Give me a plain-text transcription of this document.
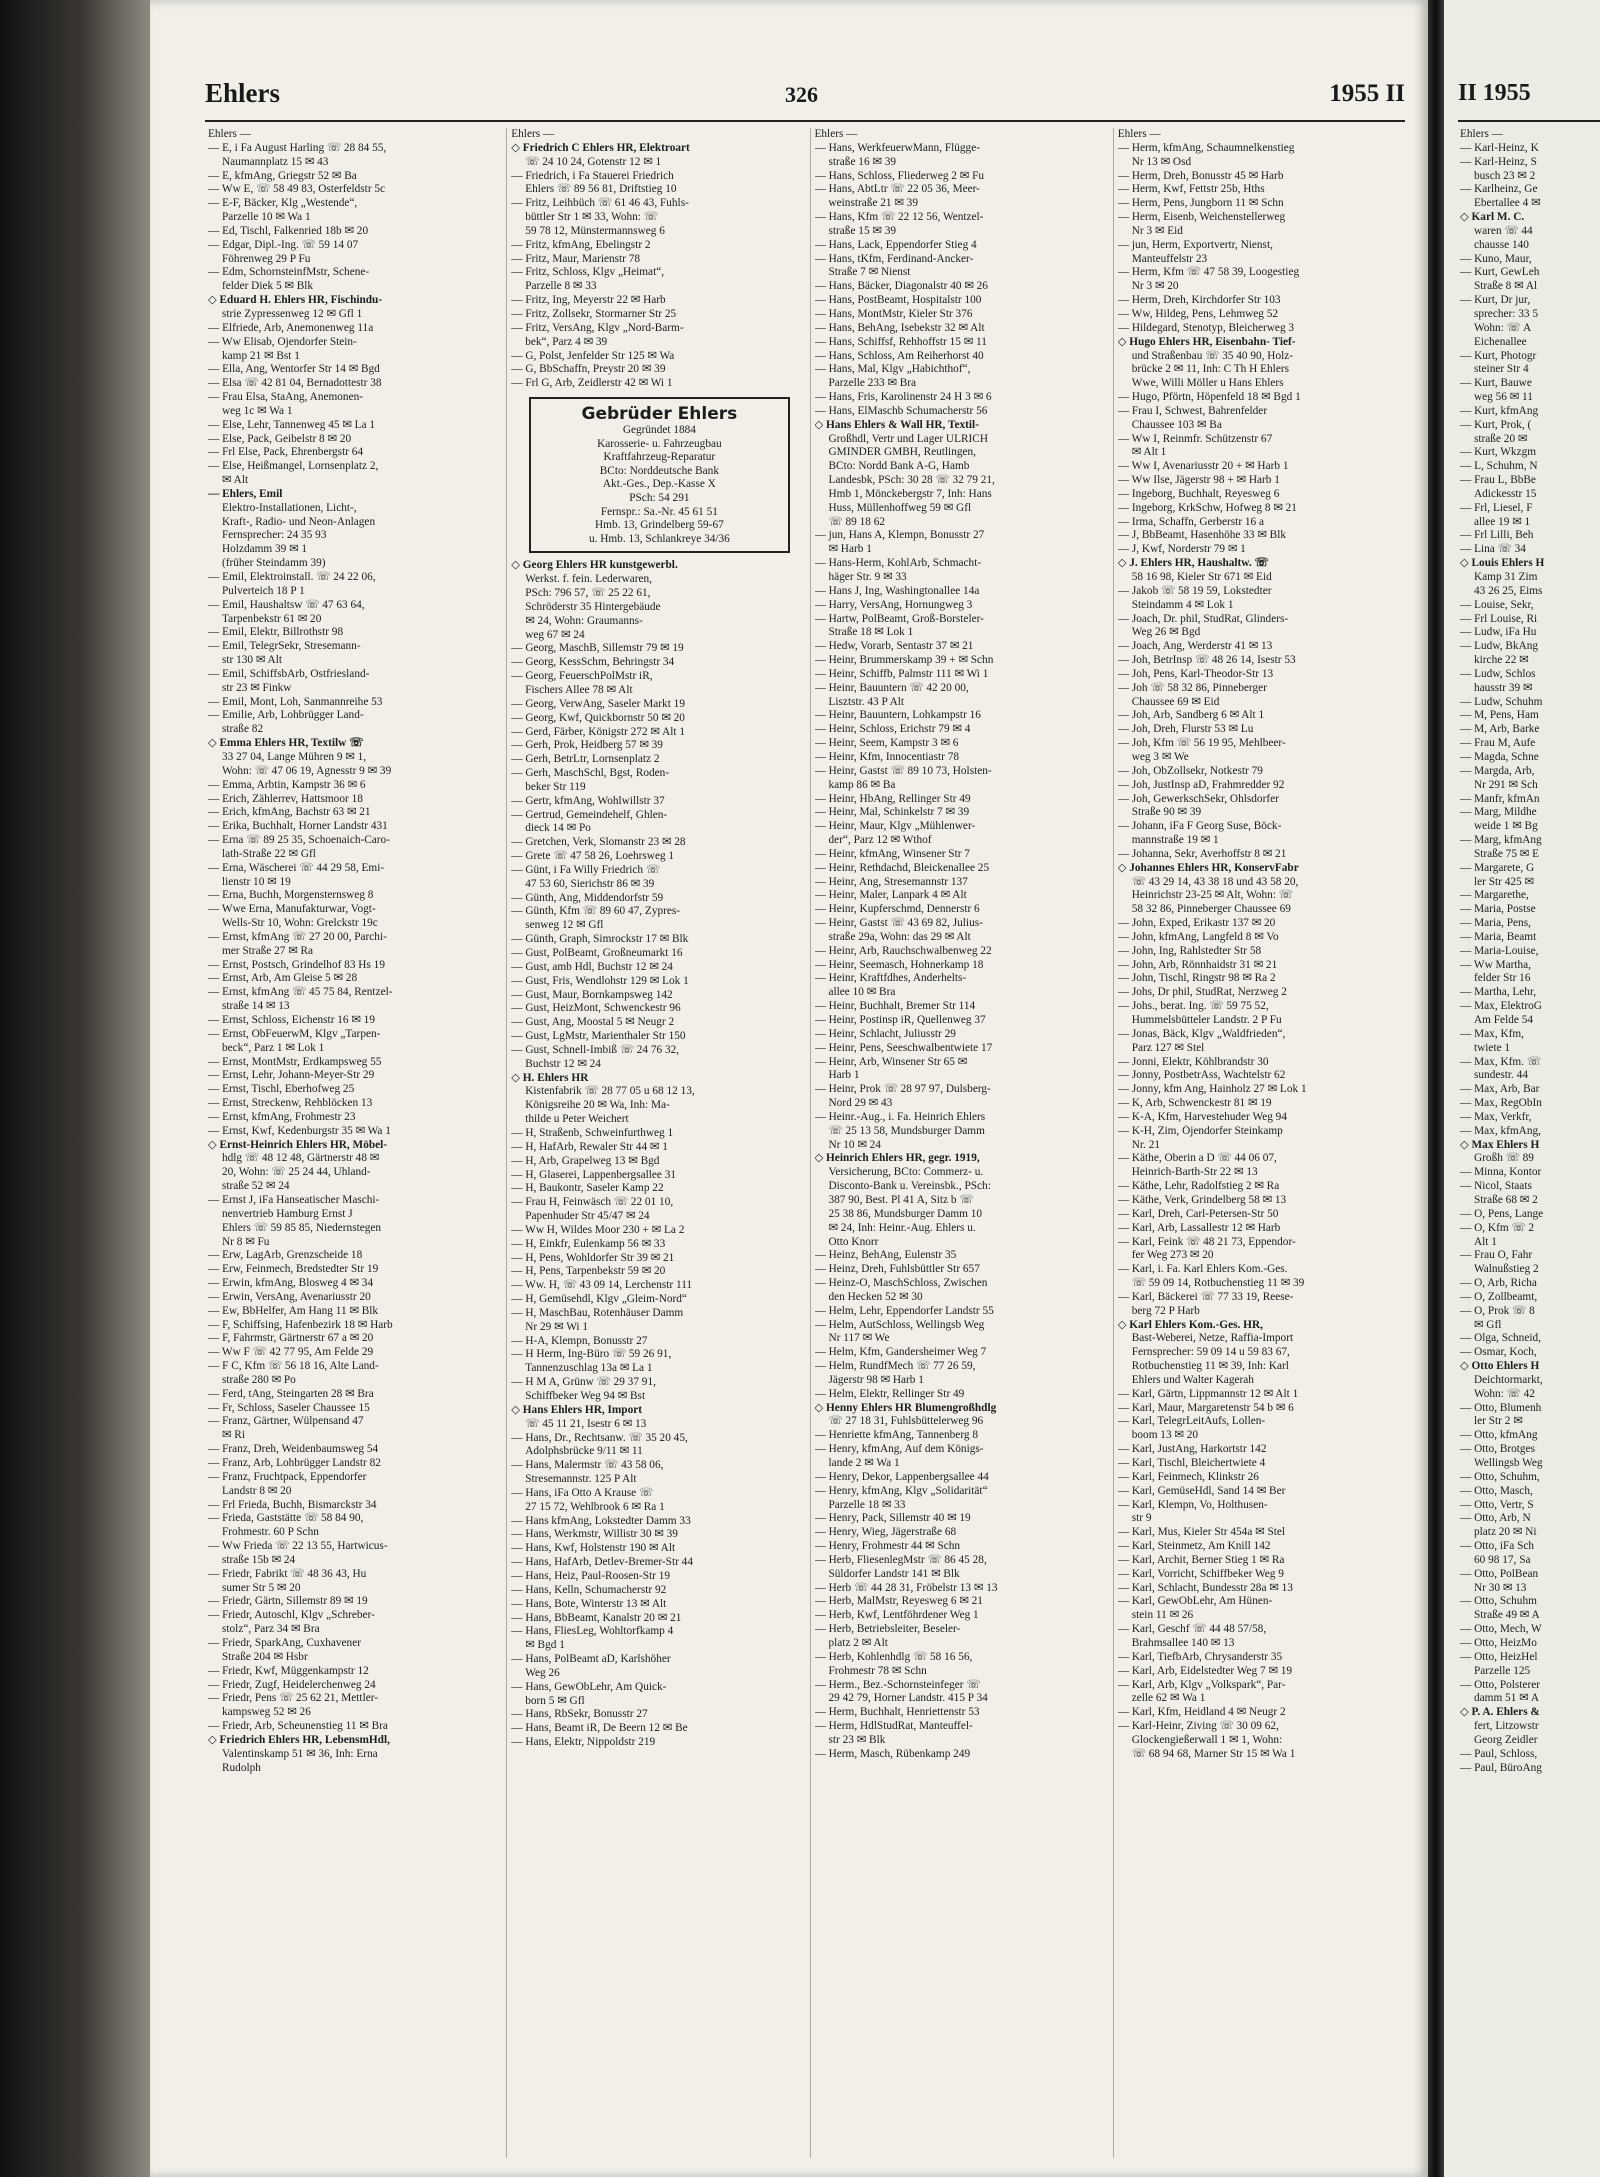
Ehlers	326	1955 II
Ehlers —
— E, i Fa August Harling ☏ 28 84 55,
Naumannplatz 15 ✉ 43
— E, kfmAng, Griegstr 52 ✉ Ba
— Ww E, ☏ 58 49 83, Osterfeldstr 5c
— E-F, Bäcker, Klg „Westende“,
Parzelle 10 ✉ Wa 1
— Ed, Tischl, Falkenried 18b ✉ 20
— Edgar, Dipl.-Ing. ☏ 59 14 07
Föhrenweg 29 P Fu
— Edm, SchornsteinfMstr, Schene-
felder Diek 5 ✉ Blk
◇ Eduard H. Ehlers HR, Fischindu-
strie Zypressenweg 12 ✉ Gfl 1
— Elfriede, Arb, Anemonenweg 11a
— Ww Elisab, Ojendorfer Stein-
kamp 21 ✉ Bst 1
— Ella, Ang, Wentorfer Str 14 ✉ Bgd
— Elsa ☏ 42 81 04, Bernadottestr 38
— Frau Elsa, StaAng, Anemonen-
weg 1c ✉ Wa 1
— Else, Lehr, Tannenweg 45 ✉ La 1
— Else, Pack, Geibelstr 8 ✉ 20
— Frl Else, Pack, Ehrenbergstr 64
— Else, Heißmangel, Lornsenplatz 2,
✉ Alt
— Ehlers, Emil
Elektro-Installationen, Licht-,
Kraft-, Radio- und Neon-Anlagen
Fernsprecher: 24 35 93
Holzdamm 39 ✉ 1
(früher Steindamm 39)
— Emil, Elektroinstall. ☏ 24 22 06,
Pulverteich 18 P 1
— Emil, Haushaltsw ☏ 47 63 64,
Tarpenbekstr 61 ✉ 20
— Emil, Elektr, Billrothstr 98
— Emil, TelegrSekr, Stresemann-
str 130 ✉ Alt
— Emil, SchiffsbArb, Ostfriesland-
str 23 ✉ Finkw
— Emil, Mont, Loh, Sanmannreihe 53
— Emilie, Arb, Lohbrügger Land-
straße 82
◇ Emma Ehlers HR, Textilw ☏
33 27 04, Lange Mühren 9 ✉ 1,
Wohn: ☏ 47 06 19, Agnesstr 9 ✉ 39
— Emma, Arbtin, Kampstr 36 ✉ 6
— Erich, Zählerrev, Hattsmoor 18
— Erich, kfmAng, Bachstr 63 ✉ 21
— Erika, Buchhalt, Horner Landstr 431
— Erna ☏ 89 25 35, Schoenaich-Caro-
lath-Straße 22 ✉ Gfl
— Erna, Wäscherei ☏ 44 29 58, Emi-
lienstr 10 ✉ 19
— Erna, Buchh, Morgensternsweg 8
— Wwe Erna, Manufakturwar, Vogt-
Wells-Str 10, Wohn: Grelckstr 19c
— Ernst, kfmAng ☏ 27 20 00, Parchi-
mer Straße 27 ✉ Ra
— Ernst, Postsch, Grindelhof 83 Hs 19
— Ernst, Arb, Am Gleise 5 ✉ 28
— Ernst, kfmAng ☏ 45 75 84, Rentzel-
straße 14 ✉ 13
— Ernst, Schloss, Eichenstr 16 ✉ 19
— Ernst, ObFeuerwM, Klgv „Tarpen-
beck“, Parz 1 ✉ Lok 1
— Ernst, MontMstr, Erdkampsweg 55
— Ernst, Lehr, Johann-Meyer-Str 29
— Ernst, Tischl, Eberhofweg 25
— Ernst, Streckenw, Rehblöcken 13
— Ernst, kfmAng, Frohmestr 23
— Ernst, Kwf, Kedenburgstr 35 ✉ Wa 1
◇ Ernst-Heinrich Ehlers HR, Möbel-
hdlg ☏ 48 12 48, Gärtnerstr 48 ✉
20, Wohn: ☏ 25 24 44, Uhland-
straße 52 ✉ 24
— Ernst J, iFa Hanseatischer Maschi-
nenvertrieb Hamburg Ernst J
Ehlers ☏ 59 85 85, Niedernstegen
Nr 8 ✉ Fu
— Erw, LagArb, Grenzscheide 18
— Erw, Feinmech, Bredstedter Str 19
— Erwin, kfmAng, Blosweg 4 ✉ 34
— Erwin, VersAng, Avenariusstr 20
— Ew, BbHelfer, Am Hang 11 ✉ Blk
— F, Schiffsing, Hafenbezirk 18 ✉ Harb
— F, Fahrmstr, Gärtnerstr 67 a ✉ 20
— Ww F ☏ 42 77 95, Am Felde 29
— F C, Kfm ☏ 56 18 16, Alte Land-
straße 280 ✉ Po
— Ferd, tAng, Steingarten 28 ✉ Bra
— Fr, Schloss, Saseler Chaussee 15
— Franz, Gärtner, Wülpensand 47
✉ Ri
— Franz, Dreh, Weidenbaumsweg 54
— Franz, Arb, Lohbrügger Landstr 82
— Franz, Fruchtpack, Eppendorfer
Landstr 8 ✉ 20
— Frl Frieda, Buchh, Bismarckstr 34
— Frieda, Gaststätte ☏ 58 84 90,
Frohmestr. 60 P Schn
— Ww Frieda ☏ 22 13 55, Hartwicus-
straße 15b ✉ 24
— Friedr, Fabrikt ☏ 48 36 43, Hu
sumer Str 5 ✉ 20
— Friedr, Gärtn, Sillemstr 89 ✉ 19
— Friedr, Autoschl, Klgv „Schreber-
stolz“, Parz 34 ✉ Bra
— Friedr, SparkAng, Cuxhavener
Straße 204 ✉ Hsbr
— Friedr, Kwf, Müggenkampstr 12
— Friedr, Zugf, Heidelerchenweg 24
— Friedr, Pens ☏ 25 62 21, Mettler-
kampsweg 52 ✉ 26
— Friedr, Arb, Scheunenstieg 11 ✉ Bra
◇ Friedrich Ehlers HR, LebensmHdl,
Valentinskamp 51 ✉ 36, Inh: Erna
Rudolph
Ehlers —
◇ Friedrich C Ehlers HR, Elektroart
☏ 24 10 24, Gotenstr 12 ✉ 1
— Friedrich, i Fa Stauerei Friedrich
Ehlers ☏ 89 56 81, Driftstieg 10
— Fritz, Leihbüch ☏ 61 46 43, Fuhls-
büttler Str 1 ✉ 33, Wohn: ☏
59 78 12, Münstermannsweg 6
— Fritz, kfmAng, Ebelingstr 2
— Fritz, Maur, Marienstr 78
— Fritz, Schloss, Klgv „Heimat“,
Parzelle 8 ✉ 33
— Fritz, Ing, Meyerstr 22 ✉ Harb
— Fritz, Zollsekr, Stormarner Str 25
— Fritz, VersAng, Klgv „Nord-Barm-
bek“, Parz 4 ✉ 39
— G, Polst, Jenfelder Str 125 ✉ Wa
— G, BbSchaffn, Preystr 20 ✉ 39
— Frl G, Arb, Zeidlerstr 42 ✉ Wi 1
Gebrüder Ehlers
Gegründet 1884
Karosserie- u. Fahrzeugbau
Kraftfahrzeug-Reparatur
BCto: Norddeutsche Bank
Akt.-Ges., Dep.-Kasse X
PSch: 54 291
Fernspr.: Sa.-Nr. 45 61 51
Hmb. 13, Grindelberg 59-67
u. Hmb. 13, Schlankreye 34/36
◇ Georg Ehlers HR kunstgewerbl.
Werkst. f. fein. Lederwaren,
PSch: 796 57, ☏ 25 22 61,
Schröderstr 35 Hintergebäude
✉ 24, Wohn: Graumanns-
weg 67 ✉ 24
— Georg, MaschB, Sillemstr 79 ✉ 19
— Georg, KessSchm, Behringstr 34
— Georg, FeuerschPolMstr iR,
Fischers Allee 78 ✉ Alt
— Georg, VerwAng, Saseler Markt 19
— Georg, Kwf, Quickbornstr 50 ✉ 20
— Gerd, Färber, Königstr 272 ✉ Alt 1
— Gerh, Prok, Heidberg 57 ✉ 39
— Gerh, BetrLtr, Lornsenplatz 2
— Gerh, MaschSchl, Bgst, Roden-
beker Str 119
— Gertr, kfmAng, Wohlwillstr 37
— Gertrud, Gemeindehelf, Ghlen-
dieck 14 ✉ Po
— Gretchen, Verk, Slomanstr 23 ✉ 28
— Grete ☏ 47 58 26, Loehrsweg 1
— Günt, i Fa Willy Friedrich ☏
47 53 60, Sierichstr 86 ✉ 39
— Günth, Ang, Middendorfstr 59
— Günth, Kfm ☏ 89 60 47, Zypres-
senweg 12 ✉ Gfl
— Günth, Graph, Simrockstr 17 ✉ Blk
— Gust, PolBeamt, Großneumarkt 16
— Gust, amb Hdl, Buchstr 12 ✉ 24
— Gust, Fris, Wendlohstr 129 ✉ Lok 1
— Gust, Maur, Bornkampsweg 142
— Gust, HeizMont, Schwenckestr 96
— Gust, Ang, Moostal 5 ✉ Neugr 2
— Gust, LgMstr, Marienthaler Str 150
— Gust, Schnell-Imbiß ☏ 24 76 32,
Buchstr 12 ✉ 24
◇ H. Ehlers HR
Kistenfabrik ☏ 28 77 05 u 68 12 13,
Königsreihe 20 ✉ Wa, Inh: Ma-
thilde u Peter Weichert
— H, Straßenb, Schweinfurthweg 1
— H, HafArb, Rewaler Str 44 ✉ 1
— H, Arb, Grapelweg 13 ✉ Bgd
— H, Glaserei, Lappenbergsallee 31
— H, Baukontr, Saseler Kamp 22
— Frau H, Feinwäsch ☏ 22 01 10,
Papenhuder Str 45/47 ✉ 24
— Ww H, Wildes Moor 230 + ✉ La 2
— H, Einkfr, Eulenkamp 56 ✉ 33
— H, Pens, Wohldorfer Str 39 ✉ 21
— H, Pens, Tarpenbekstr 59 ✉ 20
— Ww. H, ☏ 43 09 14, Lerchenstr 111
— H, Gemüsehdl, Klgv „Gleim-Nord“
— H, MaschBau, Rotenhäuser Damm
Nr 29 ✉ Wi 1
— H-A, Klempn, Bonusstr 27
— H Herm, Ing-Büro ☏ 59 26 91,
Tannenzuschlag 13a ✉ La 1
— H M A, Grünw ☏ 29 37 91,
Schiffbeker Weg 94 ✉ Bst
◇ Hans Ehlers HR, Import
☏ 45 11 21, Isestr 6 ✉ 13
— Hans, Dr., Rechtsanw. ☏ 35 20 45,
Adolphsbrücke 9/11 ✉ 11
— Hans, Malermstr ☏ 43 58 06,
Stresemannstr. 125 P Alt
— Hans, iFa Otto A Krause ☏
27 15 72, Wehlbrook 6 ✉ Ra 1
— Hans kfmAng, Lokstedter Damm 33
— Hans, Werkmstr, Willistr 30 ✉ 39
— Hans, Kwf, Holstenstr 190 ✉ Alt
— Hans, HafArb, Detlev-Bremer-Str 44
— Hans, Heiz, Paul-Roosen-Str 19
— Hans, Kelln, Schumacherstr 92
— Hans, Bote, Winterstr 13 ✉ Alt
— Hans, BbBeamt, Kanalstr 20 ✉ 21
— Hans, FliesLeg, Wohltorfkamp 4
✉ Bgd 1
— Hans, PolBeamt aD, Karlshöher
Weg 26
— Hans, GewObLehr, Am Quick-
born 5 ✉ Gfl
— Hans, RbSekr, Bonusstr 27
— Hans, Beamt iR, De Beern 12 ✉ Be
— Hans, Elektr, Nippoldstr 219
Ehlers —
— Hans, WerkfeuerwMann, Flügge-
straße 16 ✉ 39
— Hans, Schloss, Fliederweg 2 ✉ Fu
— Hans, AbtLtr ☏ 22 05 36, Meer-
weinstraße 21 ✉ 39
— Hans, Kfm ☏ 22 12 56, Wentzel-
straße 15 ✉ 39
— Hans, Lack, Eppendorfer Stieg 4
— Hans, tKfm, Ferdinand-Ancker-
Straße 7 ✉ Nienst
— Hans, Bäcker, Diagonalstr 40 ✉ 26
— Hans, PostBeamt, Hospitalstr 100
— Hans, MontMstr, Kieler Str 376
— Hans, BehAng, Isebekstr 32 ✉ Alt
— Hans, Schiffsf, Rehhoffstr 15 ✉ 11
— Hans, Schloss, Am Reiherhorst 40
— Hans, Mal, Klgv „Habichthof“,
Parzelle 233 ✉ Bra
— Hans, Fris, Karolinenstr 24 H 3 ✉ 6
— Hans, ElMaschb Schumacherstr 56
◇ Hans Ehlers & Wall HR, Textil-
Großhdl, Vertr und Lager ULRICH
GMINDER GMBH, Reutlingen,
BCto: Nordd Bank A-G, Hamb
Landesbk, PSch: 30 28 ☏ 32 79 21,
Hmb 1, Mönckebergstr 7, Inh: Hans
Huss, Müllenhoffweg 59 ✉ Gfl
☏ 89 18 62
— jun, Hans A, Klempn, Bonusstr 27
✉ Harb 1
— Hans-Herm, KohlArb, Schmacht-
häger Str. 9 ✉ 33
— Hans J, Ing, Washingtonallee 14a
— Harry, VersAng, Hornungweg 3
— Hartw, PolBeamt, Groß-Borsteler-
Straße 18 ✉ Lok 1
— Hedw, Vorarb, Sentastr 37 ✉ 21
— Heinr, Brummerskamp 39 + ✉ Schn
— Heinr, Schiffb, Palmstr 111 ✉ Wi 1
— Heinr, Bauuntern ☏ 42 20 00,
Lisztstr. 43 P Alt
— Heinr, Bauuntern, Lohkampstr 16
— Heinr, Schloss, Erichstr 79 ✉ 4
— Heinr, Seem, Kampstr 3 ✉ 6
— Heinr, Kfm, Innocentiastr 78
— Heinr, Gastst ☏ 89 10 73, Holsten-
kamp 86 ✉ Ba
— Heinr, HbAng, Rellinger Str 49
— Heinr, Mal, Schinkelstr 7 ✉ 39
— Heinr, Maur, Klgv „Mühlenwer-
der“, Parz 12 ✉ Wthof
— Heinr, kfmAng, Winsener Str 7
— Heinr, Rethdachd, Bleickenallee 25
— Heinr, Ang, Stresemannstr 137
— Heinr, Maler, Lanpark 4 ✉ Alt
— Heinr, Kupferschmd, Dennerstr 6
— Heinr, Gastst ☏ 43 69 82, Julius-
straße 29a, Wohn: das 29 ✉ Alt
— Heinr, Arb, Rauchschwalbenweg 22
— Heinr, Seemasch, Hohnerkamp 18
— Heinr, Kraftfdhes, Anderhelts-
allee 10 ✉ Bra
— Heinr, Buchhalt, Bremer Str 114
— Heinr, Postinsp iR, Quellenweg 37
— Heinr, Schlacht, Juliusstr 29
— Heinr, Pens, Seeschwalbentwiete 17
— Heinr, Arb, Winsener Str 65 ✉
Harb 1
— Heinr, Prok ☏ 28 97 97, Dulsberg-
Nord 29 ✉ 43
— Heinr.-Aug., i. Fa. Heinrich Ehlers
☏ 25 13 58, Mundsburger Damm
Nr 10 ✉ 24
◇ Heinrich Ehlers HR, gegr. 1919,
Versicherung, BCto: Commerz- u.
Disconto-Bank u. Vereinsbk., PSch:
387 90, Best. Pl 41 A, Sitz b ☏
25 38 86, Mundsburger Damm 10
✉ 24, Inh: Heinr.-Aug. Ehlers u.
Otto Knorr
— Heinz, BehAng, Eulenstr 35
— Heinz, Dreh, Fuhlsbüttler Str 657
— Heinz-O, MaschSchloss, Zwischen
den Hecken 52 ✉ 30
— Helm, Lehr, Eppendorfer Landstr 55
— Helm, AutSchloss, Wellingsb Weg
Nr 117 ✉ We
— Helm, Kfm, Gandersheimer Weg 7
— Helm, RundfMech ☏ 77 26 59,
Jägerstr 98 ✉ Harb 1
— Helm, Elektr, Rellinger Str 49
◇ Henny Ehlers HR Blumengroßhdlg
☏ 27 18 31, Fuhlsbüttelerweg 96
— Henriette kfmAng, Tannenberg 8
— Henry, kfmAng, Auf dem Königs-
lande 2 ✉ Wa 1
— Henry, Dekor, Lappenbergsallee 44
— Henry, kfmAng, Klgv „Solidarität“
Parzelle 18 ✉ 33
— Henry, Pack, Sillemstr 40 ✉ 19
— Henry, Wieg, Jägerstraße 68
— Henry, Frohmestr 44 ✉ Schn
— Herb, FliesenlegMstr ☏ 86 45 28,
Süldorfer Landstr 141 ✉ Blk
— Herb ☏ 44 28 31, Fröbelstr 13 ✉ 13
— Herb, MalMstr, Reyesweg 6 ✉ 21
— Herb, Kwf, Lentföhrdener Weg 1
— Herb, Betriebsleiter, Beseler-
platz 2 ✉ Alt
— Herb, Kohlenhdlg ☏ 58 16 56,
Frohmestr 78 ✉ Schn
— Herm., Bez.-Schornsteinfeger ☏
29 42 79, Horner Landstr. 415 P 34
— Herm, Buchhalt, Henriettenstr 53
— Herm, HdlStudRat, Manteuffel-
str 23 ✉ Blk
— Herm, Masch, Rübenkamp 249
Ehlers —
— Herm, kfmAng, Schaumnelkenstieg
Nr 13 ✉ Osd
— Herm, Dreh, Bonusstr 45 ✉ Harb
— Herm, Kwf, Fettstr 25b, Hths
— Herm, Pens, Jungborn 11 ✉ Schn
— Herm, Eisenb, Weichenstellerweg
Nr 3 ✉ Eid
— jun, Herm, Exportvertr, Nienst,
Manteuffelstr 23
— Herm, Kfm ☏ 47 58 39, Loogestieg
Nr 3 ✉ 20
— Herm, Dreh, Kirchdorfer Str 103
— Ww, Hildeg, Pens, Lehmweg 52
— Hildegard, Stenotyp, Bleicherweg 3
◇ Hugo Ehlers HR, Eisenbahn- Tief-
und Straßenbau ☏ 35 40 90, Holz-
brücke 2 ✉ 11, Inh: C Th H Ehlers
Wwe, Willi Möller u Hans Ehlers
— Hugo, Pförtn, Höpenfeld 18 ✉ Bgd 1
— Frau I, Schwest, Bahrenfelder
Chaussee 103 ✉ Ba
— Ww I, Reinmfr. Schützenstr 67
✉ Alt 1
— Ww I, Avenariusstr 20 + ✉ Harb 1
— Ww Ilse, Jägerstr 98 + ✉ Harb 1
— Ingeborg, Buchhalt, Reyesweg 6
— Ingeborg, KrkSchw, Hofweg 8 ✉ 21
— Irma, Schaffn, Gerberstr 16 a
— J, BbBeamt, Hasenhöhe 33 ✉ Blk
— J, Kwf, Norderstr 79 ✉ 1
◇ J. Ehlers HR, Haushaltw. ☏
58 16 98, Kieler Str 671 ✉ Eid
— Jakob ☏ 58 19 59, Lokstedter
Steindamm 4 ✉ Lok 1
— Joach, Dr. phil, StudRat, Glinders-
Weg 26 ✉ Bgd
— Joach, Ang, Werderstr 41 ✉ 13
— Joh, BetrInsp ☏ 48 26 14, Isestr 53
— Joh, Pens, Karl-Theodor-Str 13
— Joh ☏ 58 32 86, Pinneberger
Chaussee 69 ✉ Eid
— Joh, Arb, Sandberg 6 ✉ Alt 1
— Joh, Dreh, Flurstr 53 ✉ Lu
— Joh, Kfm ☏ 56 19 95, Mehlbeer-
weg 3 ✉ We
— Joh, ObZollsekr, Notkestr 79
— Joh, JustInsp aD, Frahmredder 92
— Joh, GewerkschSekr, Ohlsdorfer
Straße 90 ✉ 39
— Johann, iFa F Georg Suse, Böck-
mannstraße 19 ✉ 1
— Johanna, Sekr, Averhoffstr 8 ✉ 21
◇ Johannes Ehlers HR, KonservFabr
☏ 43 29 14, 43 38 18 und 43 58 20,
Heinrichstr 23-25 ✉ Alt, Wohn: ☏
58 32 86, Pinneberger Chaussee 69
— John, Exped, Erikastr 137 ✉ 20
— John, kfmAng, Langfeld 8 ✉ Vo
— John, Ing, Rahlstedter Str 58
— John, Arb, Rönnhaidstr 31 ✉ 21
— John, Tischl, Ringstr 98 ✉ Ra 2
— Johs, Dr phil, StudRat, Nerzweg 2
— Johs., berat. Ing. ☏ 59 75 52,
Hummelsbütteler Landstr. 2 P Fu
— Jonas, Bäck, Klgv „Waldfrieden“,
Parz 127 ✉ Stel
— Jonni, Elektr, Köhlbrandstr 30
— Jonny, PostbetrAss, Wachtelstr 62
— Jonny, kfm Ang, Hainholz 27 ✉ Lok 1
— K, Arb, Schwenckestr 81 ✉ 19
— K-A, Kfm, Harvestehuder Weg 94
— K-H, Zim, Öjendorfer Steinkamp
Nr. 21
— Käthe, Oberin a D ☏ 44 06 07,
Heinrich-Barth-Str 22 ✉ 13
— Käthe, Lehr, Radolfstieg 2 ✉ Ra
— Käthe, Verk, Grindelberg 58 ✉ 13
— Karl, Dreh, Carl-Petersen-Str 50
— Karl, Arb, Lassallestr 12 ✉ Harb
— Karl, Feink ☏ 48 21 73, Eppendor-
fer Weg 273 ✉ 20
— Karl, i. Fa. Karl Ehlers Kom.-Ges.
☏ 59 09 14, Rotbuchenstieg 11 ✉ 39
— Karl, Bäckerei ☏ 77 33 19, Reese-
berg 72 P Harb
◇ Karl Ehlers Kom.-Ges. HR,
Bast-Weberei, Netze, Raffia-Import
Fernsprecher: 59 09 14 u 59 83 67,
Rotbuchenstieg 11 ✉ 39, Inh: Karl
Ehlers und Walter Kagerah
— Karl, Gärtn, Lippmannstr 12 ✉ Alt 1
— Karl, Maur, Margaretenstr 54 b ✉ 6
— Karl, TelegrLeitAufs, Lollen-
boom 13 ✉ 20
— Karl, JustAng, Harkortstr 142
— Karl, Tischl, Bleichertwiete 4
— Karl, Feinmech, Klinkstr 26
— Karl, GemüseHdl, Sand 14 ✉ Ber
— Karl, Klempn, Vo, Holthusen-
str 9
— Karl, Mus, Kieler Str 454a ✉ Stel
— Karl, Steinmetz, Am Knill 142
— Karl, Archit, Berner Stieg 1 ✉ Ra
— Karl, Vorricht, Schiffbeker Weg 9
— Karl, Schlacht, Bundesstr 28a ✉ 13
— Karl, GewObLehr, Am Hünen-
stein 11 ✉ 26
— Karl, Geschf ☏ 44 48 57/58,
Brahmsallee 140 ✉ 13
— Karl, TiefbArb, Chrysanderstr 35
— Karl, Arb, Eidelstedter Weg 7 ✉ 19
— Karl, Arb, Klgv „Volkspark“, Par-
zelle 62 ✉ Wa 1
— Karl, Kfm, Heidland 4 ✉ Neugr 2
— Karl-Heinr, Ziving ☏ 30 09 62,
Glockengießerwall 1 ✉ 1, Wohn:
☏ 68 94 68, Marner Str 15 ✉ Wa 1
II 1955
Ehlers —
— Karl-Heinz, K
— Karl-Heinz, S
busch 23 ✉ 2
— Karlheinz, Ge
Ebertallee 4 ✉
◇ Karl M. C.
waren ☏ 44
chausse 140
— Kuno, Maur,
— Kurt, GewLeh
Straße 8 ✉ Al
— Kurt, Dr jur,
sprecher: 33 5
Wohn: ☏ A
Eichenallee
— Kurt, Photogr
steiner Str 4
— Kurt, Bauwe
weg 56 ✉ 11
— Kurt, kfmAng
— Kurt, Prok, (
straße 20 ✉
— Kurt, Wkzgm
— L, Schuhm, N
— Frau L, BbBe
Adickesstr 15
— Frl, Liesel, F
allee 19 ✉ 1
— Frl Lilli, Beh
— Lina ☏ 34
◇ Louis Ehlers H
Kamp 31 Zim
43 26 25, Eims
— Louise, Sekr,
— Frl Louise, Ri
— Ludw, iFa Hu
— Ludw, BkAng
kirche 22 ✉
— Ludw, Schlos
hausstr 39 ✉
— Ludw, Schuhm
— M, Pens, Ham
— M, Arb, Barke
— Frau M, Aufe
— Magda, Schne
— Margda, Arb,
Nr 291 ✉ Sch
— Manfr, kfmAn
— Marg, Mildhe
weide 1 ✉ Bg
— Marg, kfmAng
Straße 75 ✉ E
— Margarete, G
ler Str 425 ✉
— Margarethe,
— Maria, Postse
— Maria, Pens,
— Maria, Beamt
— Maria-Louise,
— Ww Martha,
felder Str 16
— Martha, Lehr,
— Max, ElektroG
Am Felde 54
— Max, Kfm,
twiete 1
— Max, Kfm. ☏
sundestr. 44
— Max, Arb, Bar
— Max, RegObIn
— Max, Verkfr,
— Max, kfmAng,
◇ Max Ehlers H
Großh ☏ 89
— Minna, Kontor
— Nicol, Staats
Straße 68 ✉ 2
— O, Pens, Lange
— O, Kfm ☏ 2
Alt 1
— Frau O, Fahr
Walnußstieg 2
— O, Arb, Richa
— O, Zollbeamt,
— O, Prok ☏ 8
✉ Gfl
— Olga, Schneid,
— Osmar, Koch,
◇ Otto Ehlers H
Deichtormarkt,
Wohn: ☏ 42
— Otto, Blumenh
ler Str 2 ✉
— Otto, kfmAng
— Otto, Brotges
Wellingsb Weg
— Otto, Schuhm,
— Otto, Masch,
— Otto, Vertr, S
— Otto, Arb, N
platz 20 ✉ Ni
— Otto, iFa Sch
60 98 17, Sa
— Otto, PolBean
Nr 30 ✉ 13
— Otto, Schuhm
Straße 49 ✉ A
— Otto, Mech, W
— Otto, HeizMo
— Otto, HeizHel
Parzelle 125
— Otto, Polsterer
damm 51 ✉ A
◇ P. A. Ehlers &
fert, Litzowstr
Georg Zeidler
— Paul, Schloss,
— Paul, BüroAng
